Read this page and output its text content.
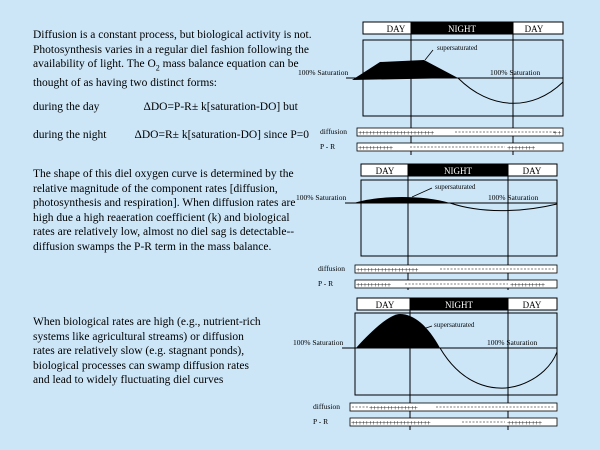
Diffusion is a constant process, but biological activity is not. Photosynthesis varies in a regular diel fashion following the availability of light. The $O_2$ mass balance equation can be thought of as having two distinct forms:
during the day	ΔDO=P-R± k[saturation-DO] but
during the night ΔDO=R± k[saturation-DO] since P=0
The shape of this diel oxygen curve is determined by the relative magnitude of the component rates [diffusion, photosynthesis and respiration]. When diffusion rates are high due a high reaeration coefficient (k) and biological rates are relatively low, almost no diel sag is detectable-- diffusion swamps the P-R term in the mass balance.
When biological rates are high (e.g., nutrient-rich systems like agricultural streams) or diffusion rates are relatively slow (e.g. stagnant ponds), biological processes can swamp diffusion rates and lead to widely fluctuating diel curves
DAY	NIGHT	DAY
supersaturated
100% Saturation	100% Saturation
diffusion ++++++++++++++++++++++	++
P - R	++++++++++	++++++++
DAY	NIGHT	DAY
supersaturated
100% Saturation	100% Saturation
diffusion ++++++++++++++++++
P - R	++++++++++	++++++++++
DAY	NIGHT	DAY
supersaturated
100% Saturation	100% Saturation
diffusion	++++++++++++++
P - R	+++++++++++++++++++++++	++++++++++
